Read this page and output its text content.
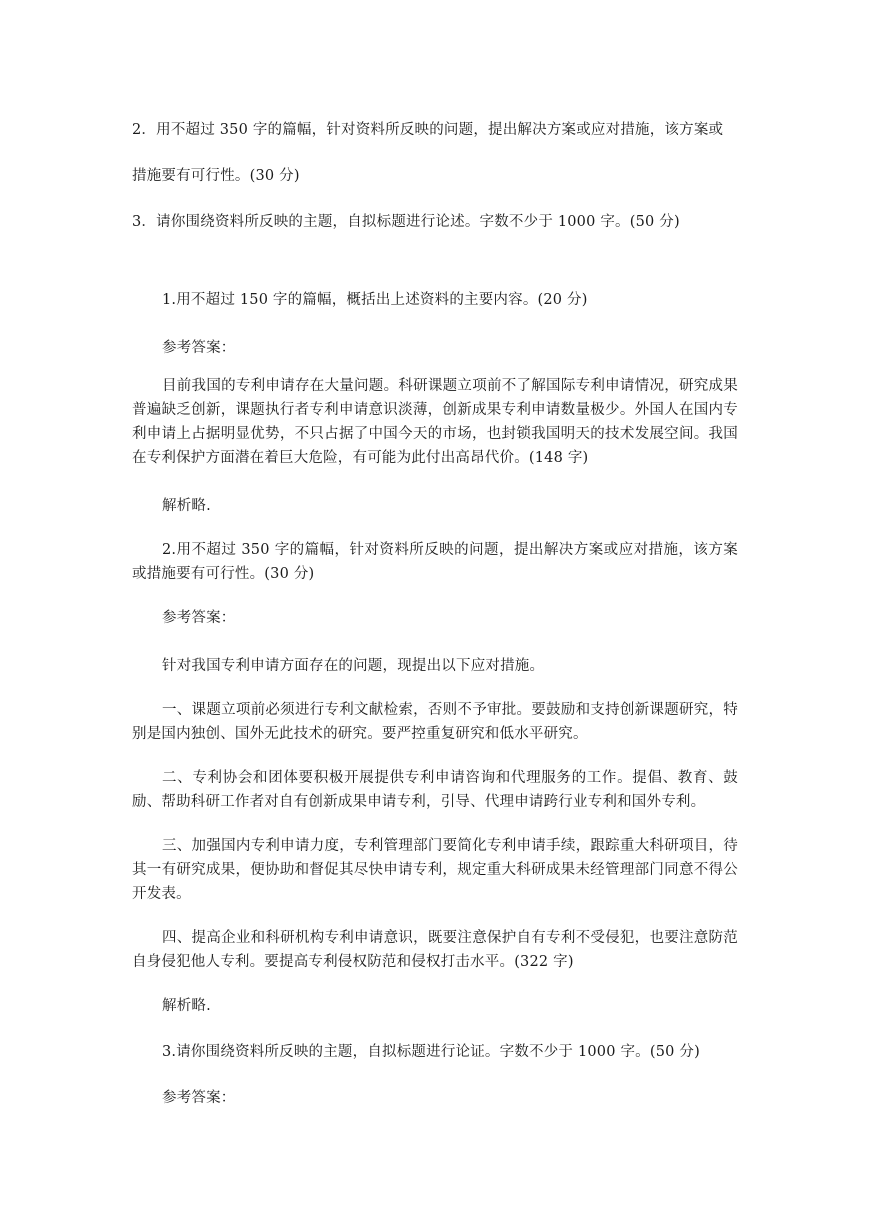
2．用不超过 350 字的篇幅，针对资料所反映的问题，提出解决方案或应对措施，该方案或
措施要有可行性。(30 分)
3．请你围绕资料所反映的主题，自拟标题进行论述。字数不少于 1000 字。(50 分)
1.用不超过 150 字的篇幅，概括出上述资料的主要内容。(20 分)
参考答案：
目前我国的专利申请存在大量问题。科研课题立项前不了解国际专利申请情况，研究成果普遍缺乏创新，课题执行者专利申请意识淡薄，创新成果专利申请数量极少。外国人在国内专利申请上占据明显优势，不只占据了中国今天的市场，也封锁我国明天的技术发展空间。我国在专利保护方面潜在着巨大危险，有可能为此付出高昂代价。(148 字)
解析略.
2.用不超过 350 字的篇幅，针对资料所反映的问题，提出解决方案或应对措施，该方案或措施要有可行性。(30 分)
参考答案：
针对我国专利申请方面存在的问题，现提出以下应对措施。
一、课题立项前必须进行专利文献检索，否则不予审批。要鼓励和支持创新课题研究，特别是国内独创、国外无此技术的研究。要严控重复研究和低水平研究。
二、专利协会和团体要积极开展提供专利申请咨询和代理服务的工作。提倡、教育、鼓励、帮助科研工作者对自有创新成果申请专利，引导、代理申请跨行业专利和国外专利。
三、加强国内专利申请力度，专利管理部门要简化专利申请手续，跟踪重大科研项目，待其一有研究成果，便协助和督促其尽快申请专利，规定重大科研成果未经管理部门同意不得公开发表。
四、提高企业和科研机构专利申请意识，既要注意保护自有专利不受侵犯，也要注意防范自身侵犯他人专利。要提高专利侵权防范和侵权打击水平。(322 字)
解析略.
3.请你围绕资料所反映的主题，自拟标题进行论证。字数不少于 1000 字。(50 分)
参考答案：
